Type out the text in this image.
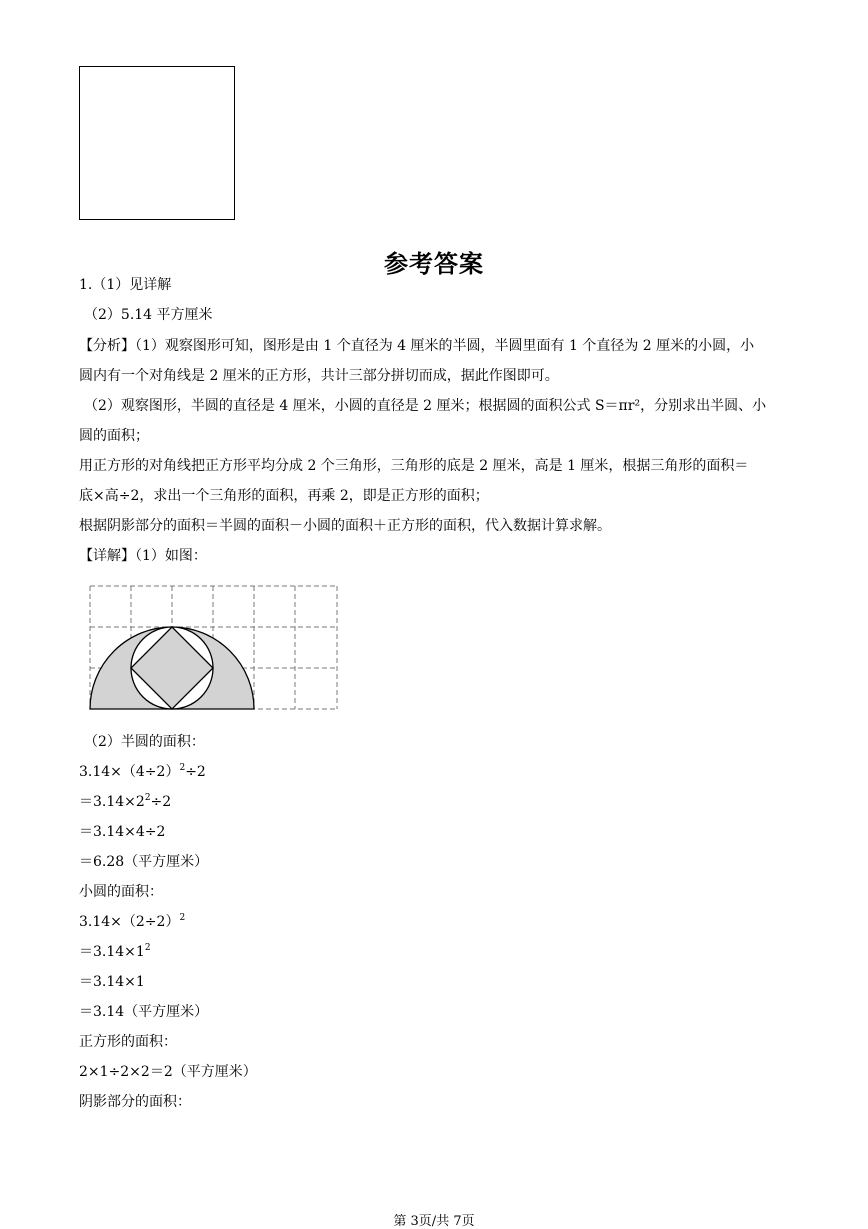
参考答案
1.（1）见详解
（2）5.14 平方厘米
【分析】（1）观察图形可知，图形是由 1 个直径为 4 厘米的半圆，半圆里面有 1 个直径为 2 厘米的小圆，小
圆内有一个对角线是 2 厘米的正方形，共计三部分拼切而成，据此作图即可。
（2）观察图形，半圆的直径是 4 厘米，小圆的直径是 2 厘米；根据圆的面积公式 S＝πr²，分别求出半圆、小
圆的面积；
用正方形的对角线把正方形平均分成 2 个三角形，三角形的底是 2 厘米，高是 1 厘米，根据三角形的面积＝
底×高÷2，求出一个三角形的面积，再乘 2，即是正方形的面积；
根据阴影部分的面积＝半圆的面积－小圆的面积＋正方形的面积，代入数据计算求解。
【详解】（1）如图：
（2）半圆的面积：
$3.14\times(4\div 2)^2\div 2$
$=3.14\times 2^2\div 2$
＝3.14×4÷2
＝6.28（平方厘米）
小圆的面积：
$3.14\times(2\div 2)^2$
$=3.14\times 1^2$
＝3.14×1
＝3.14（平方厘米）
正方形的面积：
2×1÷2×2＝2（平方厘米）
阴影部分的面积：
第 3页/共 7页
